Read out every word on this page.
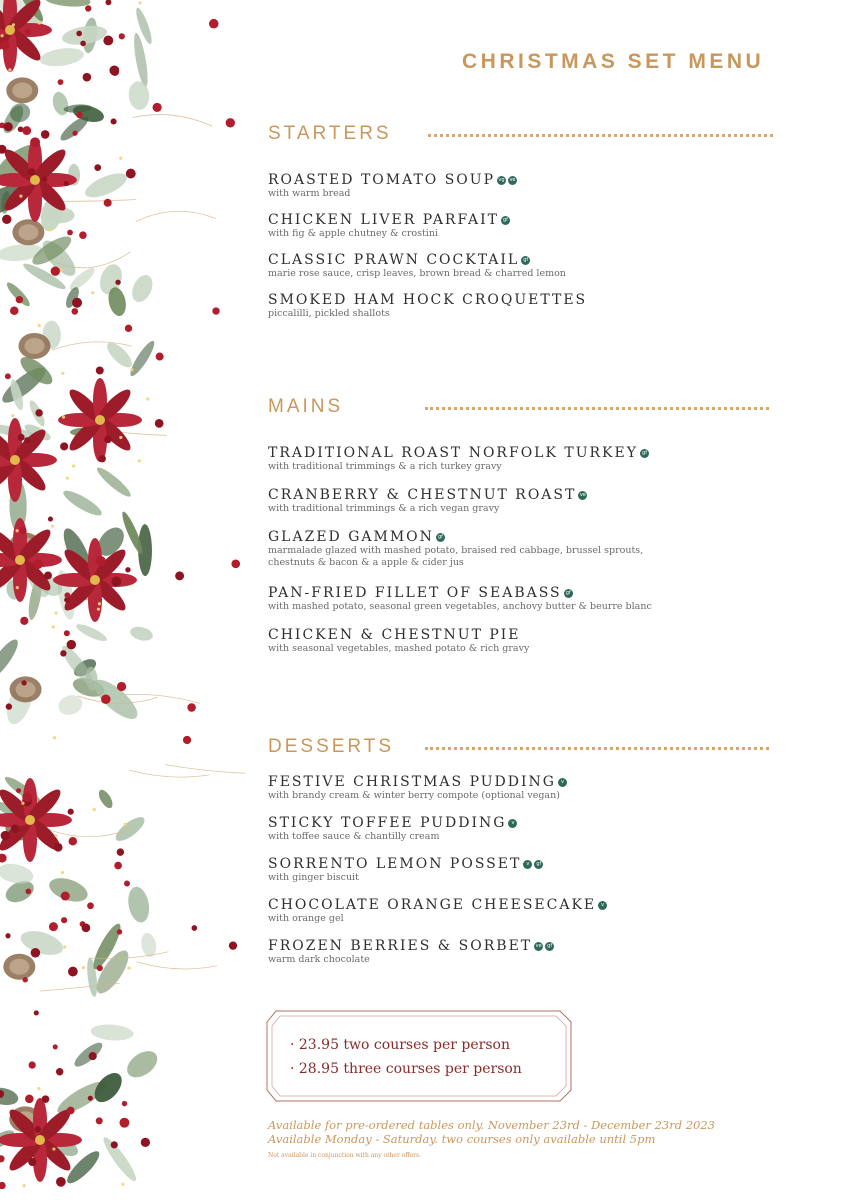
CHRISTMAS SET MENU
STARTERS
ROASTED TOMATO SOUP vg ve
with warm bread
CHICKEN LIVER PARFAIT gf
with fig & apple chutney & crostini
CLASSIC PRAWN COCKTAIL gf
marie rose sauce, crisp leaves, brown bread & charred lemon
SMOKED HAM HOCK CROQUETTES
piccalilli, pickled shallots
MAINS
TRADITIONAL ROAST NORFOLK TURKEY gf
with traditional trimmings & a rich turkey gravy
CRANBERRY & CHESTNUT ROAST ve
with traditional trimmings & a rich vegan gravy
GLAZED GAMMON gf
marmalade glazed with mashed potato, braised red cabbage, brussel sprouts,
chestnuts & bacon & a apple & cider jus
PAN-FRIED FILLET OF SEABASS gf
with mashed potato, seasonal green vegetables, anchovy butter & beurre blanc
CHICKEN & CHESTNUT PIE
with seasonal vegetables, mashed potato & rich gravy
DESSERTS
FESTIVE CHRISTMAS PUDDING v
with brandy cream & winter berry compote (optional vegan)
STICKY TOFFEE PUDDING v
with toffee sauce & chantilly cream
SORRENTO LEMON POSSET v gf
with ginger biscuit
CHOCOLATE ORANGE CHEESECAKE v
with orange gel
FROZEN BERRIES & SORBET ve gf
warm dark chocolate
· 23.95 two courses per person
· 28.95 three courses per person
Available for pre-ordered tables only. November 23rd - December 23rd 2023
Available Monday - Saturday. two courses only available until 5pm
Not available in conjunction with any other offers.
